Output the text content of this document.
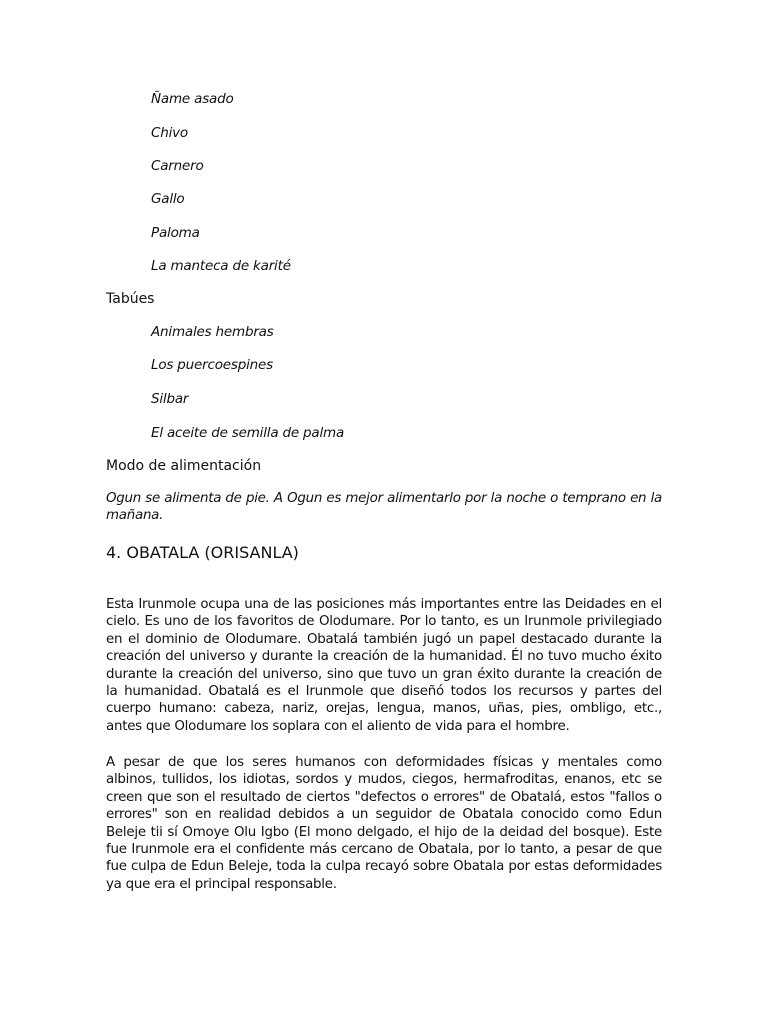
Ñame asado
Chivo
Carnero
Gallo
Paloma
La manteca de karité
Tabúes
Animales hembras
Los puercoespines
Silbar
El aceite de semilla de palma
Modo de alimentación

Ogun se alimenta de pie. A Ogun es mejor alimentarlo por la noche o temprano en la mañana.

4. OBATALA (ORISANLA)

Esta Irunmole ocupa una de las posiciones más importantes entre las Deidades en el cielo. Es uno de los favoritos de Olodumare. Por lo tanto, es un Irunmole privilegiado en el dominio de Olodumare. Obatalá también jugó un papel destacado durante la creación del universo y durante la creación de la humanidad. Él no tuvo mucho éxito durante la creación del universo, sino que tuvo un gran éxito durante la creación de la humanidad. Obatalá es el Irunmole que diseñó todos los recursos y partes del cuerpo humano: cabeza, nariz, orejas, lengua, manos, uñas, pies, ombligo, etc., antes que Olodumare los soplara con el aliento de vida para el hombre.

A pesar de que los seres humanos con deformidades físicas y mentales como albinos, tullidos, los idiotas, sordos y mudos, ciegos, hermafroditas, enanos, etc se creen que son el resultado de ciertos "defectos o errores" de Obatalá, estos "fallos o errores" son en realidad debidos a un seguidor de Obatala conocido como Edun Beleje tii sí Omoye Olu Igbo (El mono delgado, el hijo de la deidad del bosque). Este fue Irunmole era el confidente más cercano de Obatala, por lo tanto, a pesar de que fue culpa de Edun Beleje, toda la culpa recayó sobre Obatala por estas deformidades ya que era el principal responsable.
